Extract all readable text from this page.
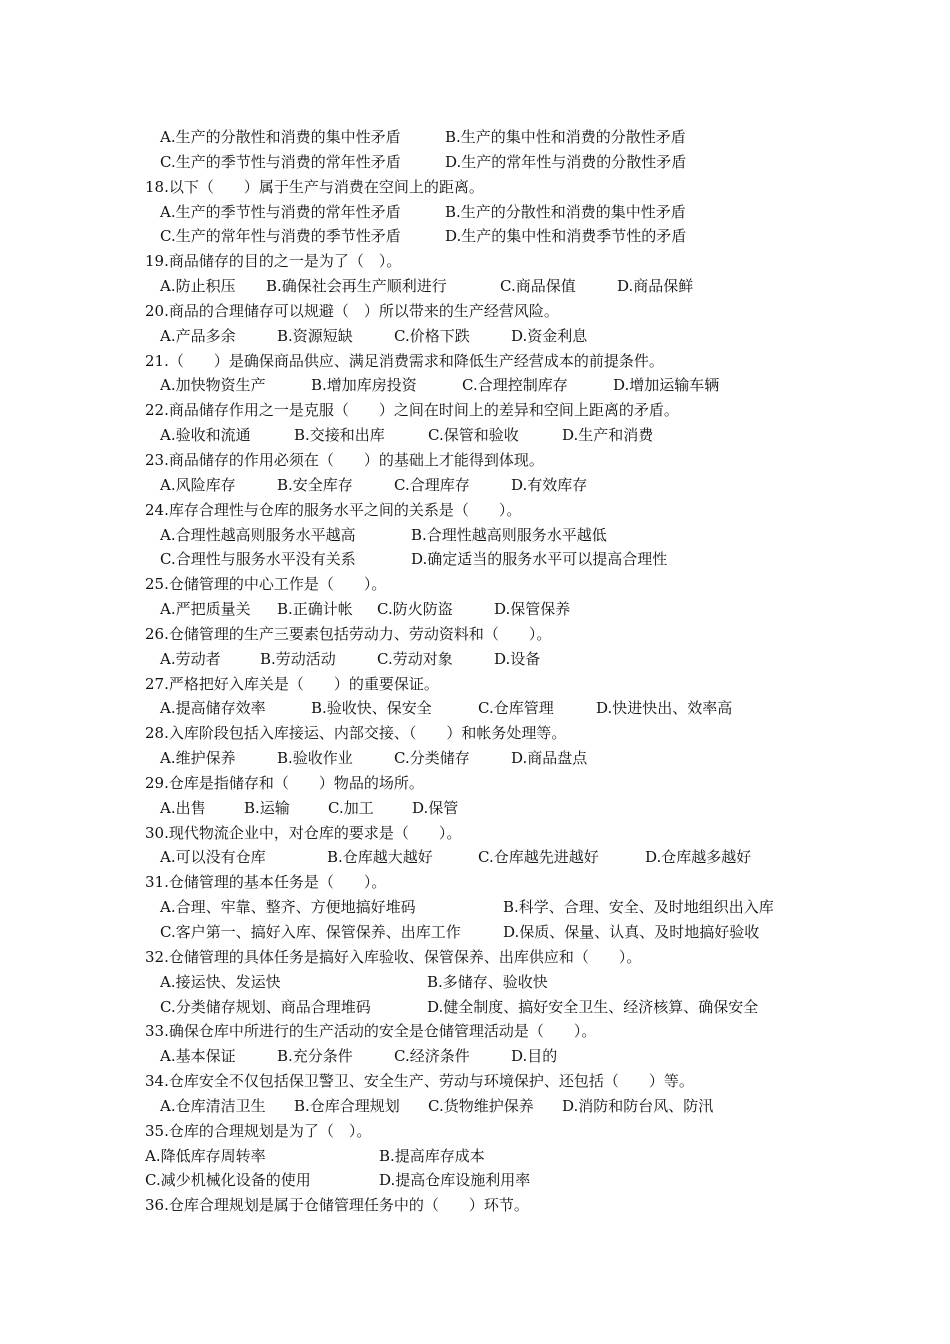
A.生产的分散性和消费的集中性矛盾	B.生产的集中性和消费的分散性矛盾
C.生产的季节性与消费的常年性矛盾	D.生产的常年性与消费的分散性矛盾
18.以下（　　）属于生产与消费在空间上的距离。
A.生产的季节性与消费的常年性矛盾	B.生产的分散性和消费的集中性矛盾
C.生产的常年性与消费的季节性矛盾	D.生产的集中性和消费季节性的矛盾
19.商品储存的目的之一是为了（　）。
A.防止积压 B.确保社会再生产顺利进行	C.商品保值	D.商品保鲜
20.商品的合理储存可以规避（　）所以带来的生产经营风险。
A.产品多余	B.资源短缺	C.价格下跌	D.资金利息
21.（　　）是确保商品供应、满足消费需求和降低生产经营成本的前提条件。
A.加快物资生产	B.增加库房投资	C.合理控制库存	D.增加运输车辆
22.商品储存作用之一是克服（　　）之间在时间上的差异和空间上距离的矛盾。
A.验收和流通	B.交接和出库	C.保管和验收	D.生产和消费
23.商品储存的作用必须在（　　）的基础上才能得到体现。
A.风险库存	B.安全库存	C.合理库存	D.有效库存
24.库存合理性与仓库的服务水平之间的关系是（　　）。
A.合理性越高则服务水平越高	B.合理性越高则服务水平越低
C.合理性与服务水平没有关系	D.确定适当的服务水平可以提高合理性
25.仓储管理的中心工作是（　　）。
A.严把质量关 B.正确计帐 C.防火防盗	D.保管保养
26.仓储管理的生产三要素包括劳动力、劳动资料和（　　）。
A.劳动者	B.劳动活动	C.劳动对象	D.设备
27.严格把好入库关是（　　）的重要保证。
A.提高储存效率	B.验收快、保安全	C.仓库管理	D.快进快出、效率高
28.入库阶段包括入库接运、内部交接、（　　）和帐务处理等。
A.维护保养	B.验收作业	C.分类储存	D.商品盘点
29.仓库是指储存和（　　）物品的场所。
A.出售	B.运输	C.加工	D.保管
30.现代物流企业中，对仓库的要求是（　　）。
A.可以没有仓库	B.仓库越大越好	C.仓库越先进越好	D.仓库越多越好
31.仓储管理的基本任务是（　　）。
A.合理、牢靠、整齐、方便地搞好堆码	B.科学、合理、安全、及时地组织出入库
C.客户第一、搞好入库、保管保养、出库工作	D.保质、保量、认真、及时地搞好验收
32.仓储管理的具体任务是搞好入库验收、保管保养、出库供应和（　　）。
A.接运快、发运快	B.多储存、验收快
C.分类储存规划、商品合理堆码	D.健全制度、搞好安全卫生、经济核算、确保安全
33.确保仓库中所进行的生产活动的安全是仓储管理活动是（　　）。
A.基本保证	B.充分条件	C.经济条件	D.目的
34.仓库安全不仅包括保卫警卫、安全生产、劳动与环境保护、还包括（　　）等。
A.仓库清洁卫生 B.仓库合理规划 C.货物维护保养 D.消防和防台风、防汛
35.仓库的合理规划是为了（　）。
A.降低库存周转率	B.提高库存成本
C.减少机械化设备的使用	D.提高仓库设施利用率
36.仓库合理规划是属于仓储管理任务中的（　　）环节。
